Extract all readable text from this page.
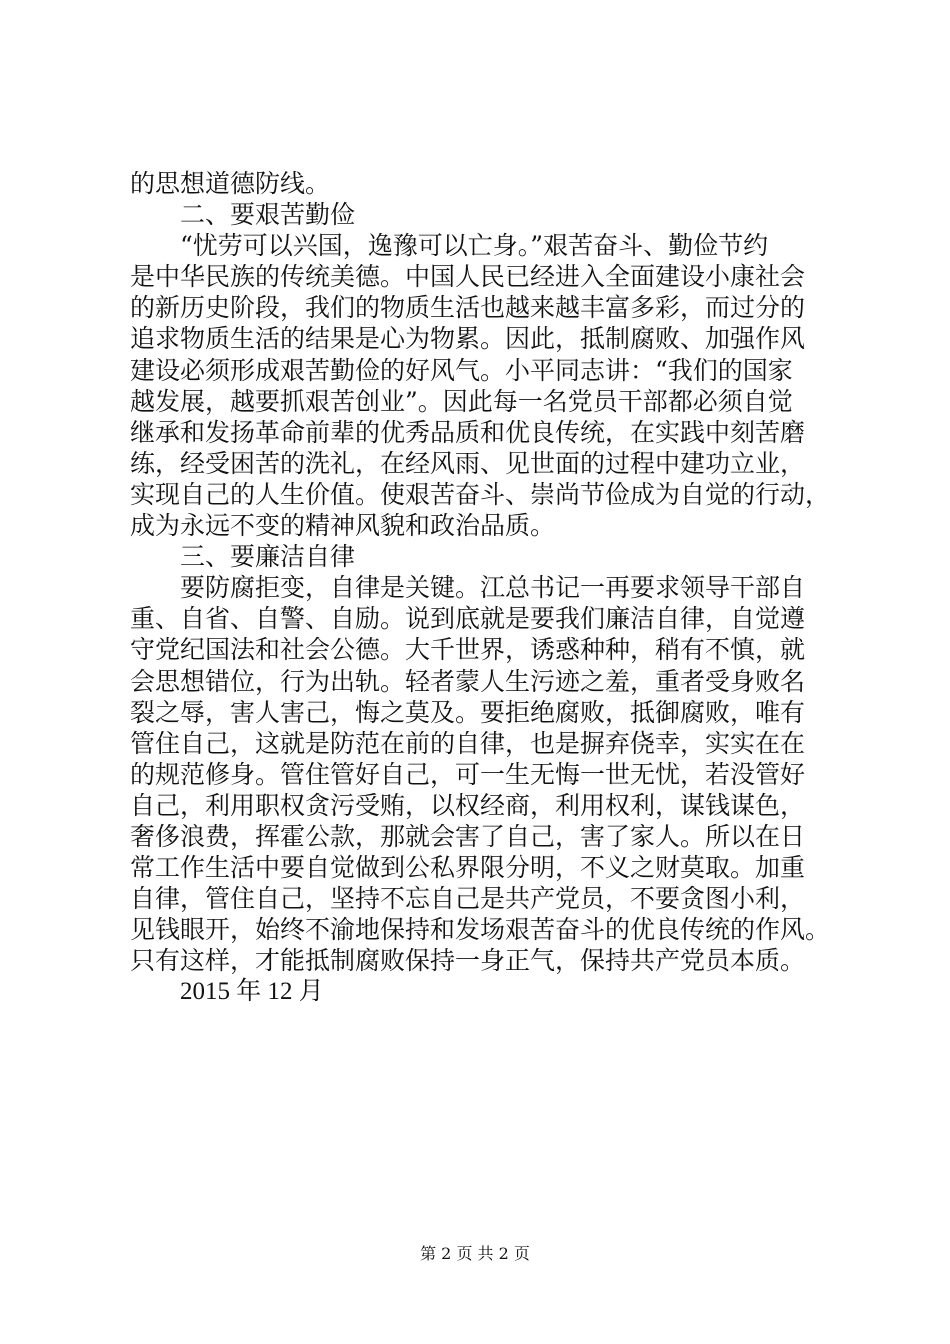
的思想道德防线。
二、要艰苦勤俭
“忧劳可以兴国，逸豫可以亡身。”艰苦奋斗、勤俭节约
是中华民族的传统美德。中国人民已经进入全面建设小康社会
的新历史阶段，我们的物质生活也越来越丰富多彩，而过分的
追求物质生活的结果是心为物累。因此，抵制腐败、加强作风
建设必须形成艰苦勤俭的好风气。小平同志讲：“我们的国家
越发展，越要抓艰苦创业”。因此每一名党员干部都必须自觉
继承和发扬革命前辈的优秀品质和优良传统，在实践中刻苦磨
练，经受困苦的洗礼，在经风雨、见世面的过程中建功立业，
实现自己的人生价值。使艰苦奋斗、崇尚节俭成为自觉的行动，
成为永远不变的精神风貌和政治品质。
三、要廉洁自律
要防腐拒变，自律是关键。江总书记一再要求领导干部自
重、自省、自警、自励。说到底就是要我们廉洁自律，自觉遵
守党纪国法和社会公德。大千世界，诱惑种种，稍有不慎，就
会思想错位，行为出轨。轻者蒙人生污迹之羞，重者受身败名
裂之辱，害人害己，悔之莫及。要拒绝腐败，抵御腐败，唯有
管住自己，这就是防范在前的自律，也是摒弃侥幸，实实在在
的规范修身。管住管好自己，可一生无悔一世无忧，若没管好
自己，利用职权贪污受贿，以权经商，利用权利，谋钱谋色，
奢侈浪费，挥霍公款，那就会害了自己，害了家人。所以在日
常工作生活中要自觉做到公私界限分明，不义之财莫取。加重
自律，管住自己，坚持不忘自己是共产党员，不要贪图小利，
见钱眼开，始终不渝地保持和发场艰苦奋斗的优良传统的作风。
只有这样，才能抵制腐败保持一身正气，保持共产党员本质。
2015 年 12 月
第 2 页 共 2 页
